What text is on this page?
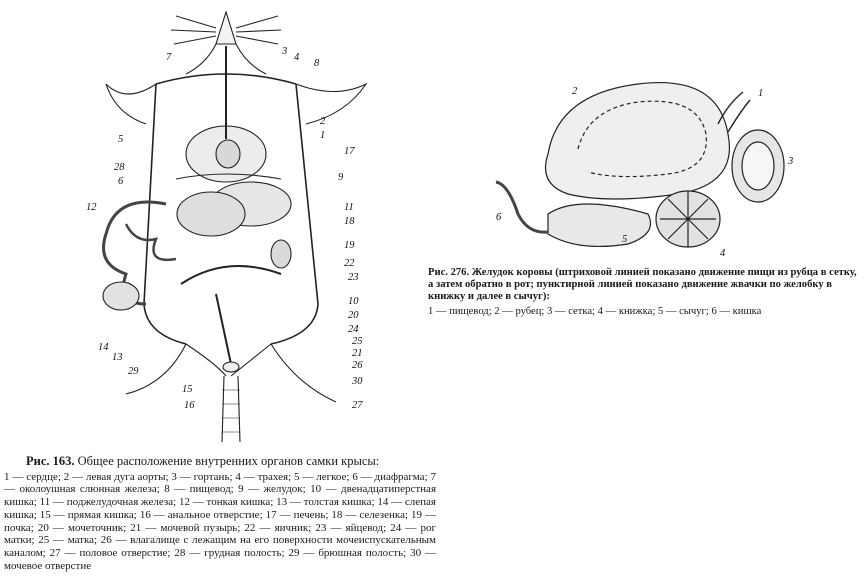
7
3
4
8
2
5	1
28
17
6	9
12	11
18
19
22
23
10
20
24
25
21
26
30
27
14
13
29
15
16
1
2
3
4
5
6
Рис. 276. Желудок коровы (штриховой линией показано движение пищи из рубца в сетку, а затем обратно в рот; пунктирной линией показано движение жвачки по желобку в книжку и далее в сычуг):
1 — пищевод; 2 — рубец; 3 — сетка; 4 — книжка; 5 — сычуг; 6 — кишка
Рис. 163. Общее расположение внутренних органов самки крысы:
1 — сердце; 2 — левая дуга аорты; 3 — гортань; 4 — трахея; 5 — легкое; 6 — диафрагма; 7 — околоушная слюнная железа; 8 — пищевод; 9 — желудок; 10 — двенадцатиперстная кишка; 11 — поджелудочная железа; 12 — тонкая кишка; 13 — толстая кишка; 14 — слепая кишка; 15 — прямая кишка; 16 — анальное отверстие; 17 — печень; 18 — селезенка; 19 — почка; 20 — мочеточник; 21 — мочевой пузырь; 22 — яичник; 23 — яйцевод; 24 — рог матки; 25 — матка; 26 — влагалище с лежащим на его поверхности мочеиспускательным каналом; 27 — половое отверстие; 28 — грудная полость; 29 — брюшная полость; 30 — мочевое отверстие
